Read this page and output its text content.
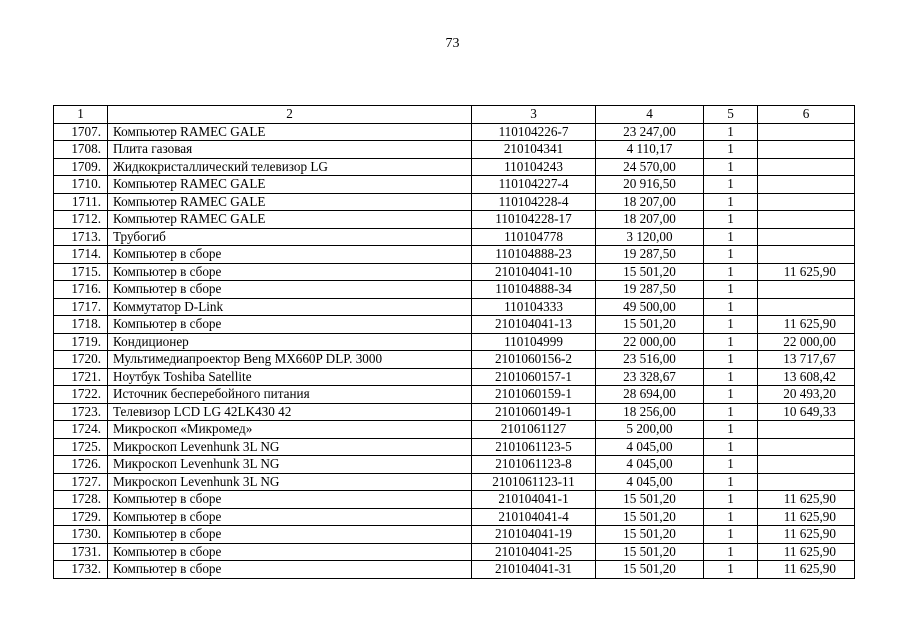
73
1	2	3	4	5	6
1707.	Компьютер RAMEC GALE	110104226-7	23 247,00	1	
1708.	Плита газовая	210104341	4 110,17	1	
1709.	Жидкокристаллический телевизор LG	110104243	24 570,00	1	
1710.	Компьютер RAMEC GALE	110104227-4	20 916,50	1	
1711.	Компьютер RAMEC GALE	110104228-4	18 207,00	1	
1712.	Компьютер RAMEC GALE	110104228-17	18 207,00	1	
1713.	Трубогиб	110104778	3 120,00	1	
1714.	Компьютер в сборе	110104888-23	19 287,50	1	
1715.	Компьютер в сборе	210104041-10	15 501,20	1	11 625,90
1716.	Компьютер в сборе	110104888-34	19 287,50	1	
1717.	Коммутатор D-Link	110104333	49 500,00	1	
1718.	Компьютер в сборе	210104041-13	15 501,20	1	11 625,90
1719.	Кондиционер	110104999	22 000,00	1	22 000,00
1720.	Мультимедиапроектор Beng MX660P DLP. 3000	2101060156-2	23 516,00	1	13 717,67
1721.	Ноутбук Toshiba Satellite	2101060157-1	23 328,67	1	13 608,42
1722.	Источник бесперебойного питания	2101060159-1	28 694,00	1	20 493,20
1723.	Телевизор LCD LG 42LK430 42	2101060149-1	18 256,00	1	10 649,33
1724.	Микроскоп «Микромед»	2101061127	5 200,00	1	
1725.	Микроскоп Levenhunk 3L NG	2101061123-5	4 045,00	1	
1726.	Микроскоп Levenhunk 3L NG	2101061123-8	4 045,00	1	
1727.	Микроскоп Levenhunk 3L NG	2101061123-11	4 045,00	1	
1728.	Компьютер в сборе	210104041-1	15 501,20	1	11 625,90
1729.	Компьютер в сборе	210104041-4	15 501,20	1	11 625,90
1730.	Компьютер в сборе	210104041-19	15 501,20	1	11 625,90
1731.	Компьютер в сборе	210104041-25	15 501,20	1	11 625,90
1732.	Компьютер в сборе	210104041-31	15 501,20	1	11 625,90
